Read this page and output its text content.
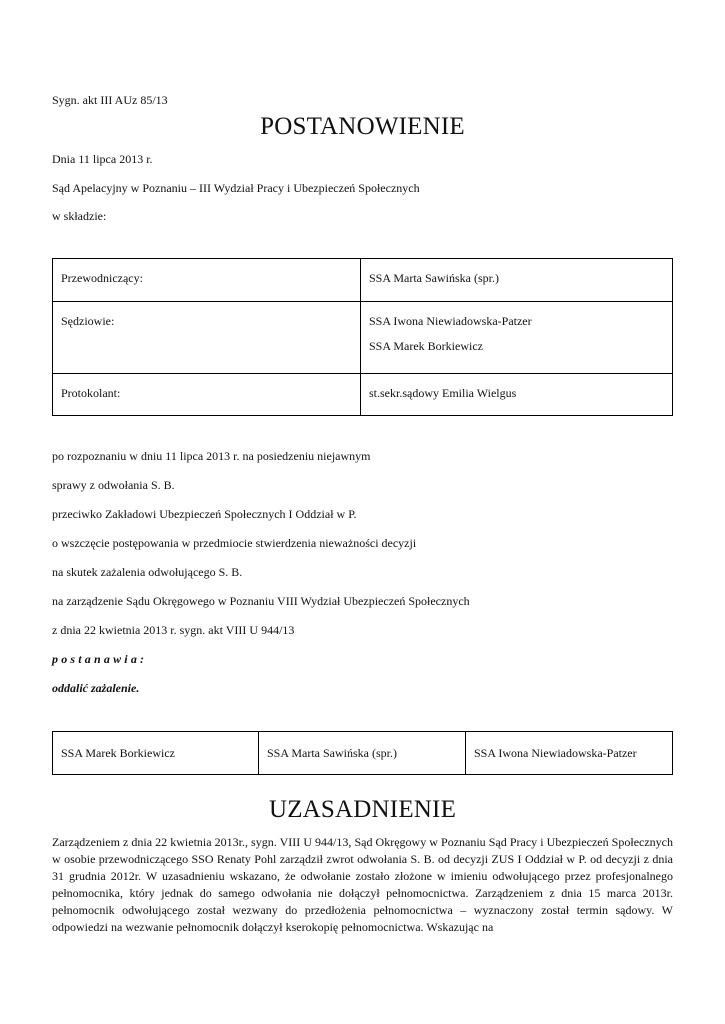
Sygn. akt III AUz 85/13
POSTANOWIENIE
Dnia 11 lipca 2013 r.
Sąd Apelacyjny w Poznaniu – III Wydział Pracy i Ubezpieczeń Społecznych
w składzie:
Przewodniczący:	SSA Marta Sawińska (spr.)
Sędziowie:	SSA Iwona Niewiadowska-Patzer
SSA Marek Borkiewicz

Protokolant:	st.sekr.sądowy Emilia Wielgus
po rozpoznaniu w dniu 11 lipca 2013 r. na posiedzeniu niejawnym
sprawy z odwołania S. B.
przeciwko Zakładowi Ubezpieczeń Społecznych I Oddział w P.
o wszczęcie postępowania w przedmiocie stwierdzenia nieważności decyzji
na skutek zażalenia odwołującego S. B.
na zarządzenie Sądu Okręgowego w Poznaniu VIII Wydział Ubezpieczeń Społecznych
z dnia 22 kwietnia 2013 r. sygn. akt VIII U 944/13
postanawia:
oddalić zażalenie.
SSA Marek Borkiewicz	SSA Marta Sawińska (spr.)	SSA Iwona Niewiadowska-Patzer
UZASADNIENIE
Zarządzeniem z dnia 22 kwietnia 2013r., sygn. VIII U 944/13, Sąd Okręgowy w Poznaniu Sąd Pracy i Ubezpieczeń Społecznych w osobie przewodniczącego SSO Renaty Pohl zarządził zwrot odwołania S. B. od decyzji ZUS I Oddział w P. od decyzji z dnia 31 grudnia 2012r. W uzasadnieniu wskazano, że odwołanie zostało złożone w imieniu odwołującego przez profesjonalnego pełnomocnika, który jednak do samego odwołania nie dołączył pełnomocnictwa. Zarządzeniem z dnia 15 marca 2013r. pełnomocnik odwołującego został wezwany do przedłożenia pełnomocnictwa – wyznaczony został termin sądowy. W odpowiedzi na wezwanie pełnomocnik dołączył kserokopię pełnomocnictwa. Wskazując na
